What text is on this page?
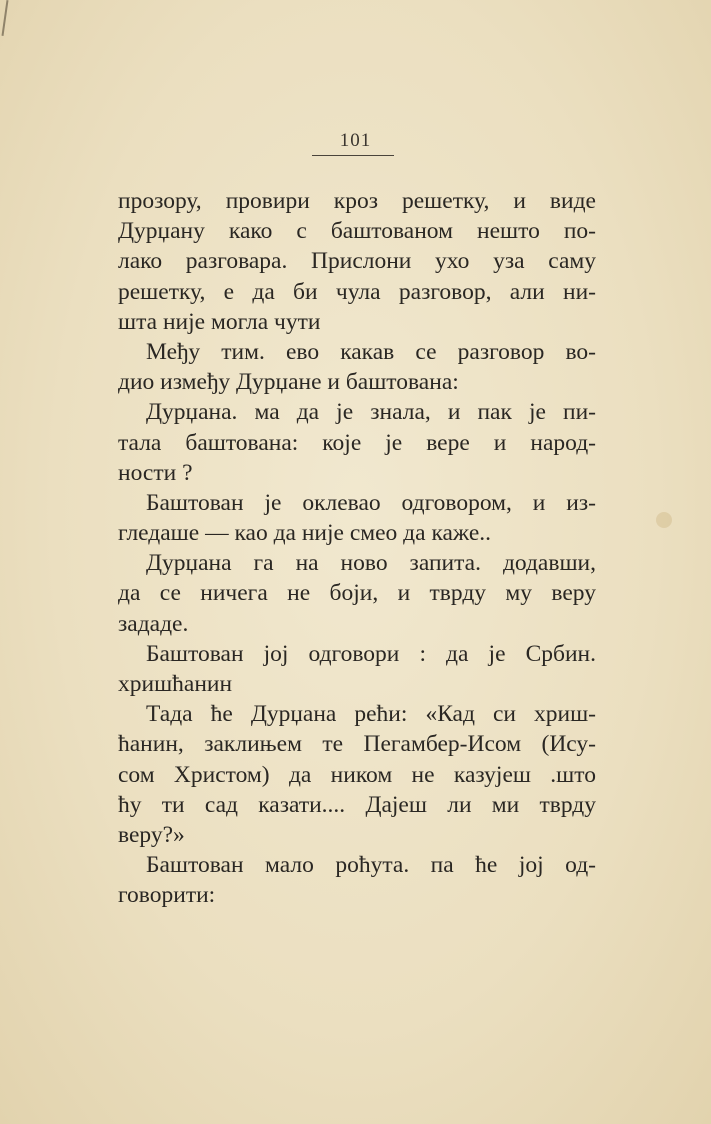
101
прозору, провири кроз решетку, и виде
Дурџану како с баштованом нешто по-
лако разговара. Прислони ухо уза саму
решетку, е да би чула разговор, али ни-
шта није могла чути
Међу тим. ево какав се разговор во-
дио између Дурџане и баштована:
Дурџана. ма да је знала, и пак је пи-
тала баштована: које је вере и народ-
ности ?
Баштован је оклевао одговором, и из-
гледаше — као да није смео да каже..
Дурџана га на ново запита. додавши,
да се ничега не боји, и тврду му веру
зададе.
Баштован јој одговори : да је Србин.
хришћанин
Тада ће Дурџана рећи: «Кад си хриш-
ћанин, заклињем те Пегамбер-Исом (Ису-
сом Христом) да ником не казујеш .што
ћу ти сад казати.... Дајеш ли ми тврду
веру?»
Баштован мало poћута. па ће јој од-
говорити:
